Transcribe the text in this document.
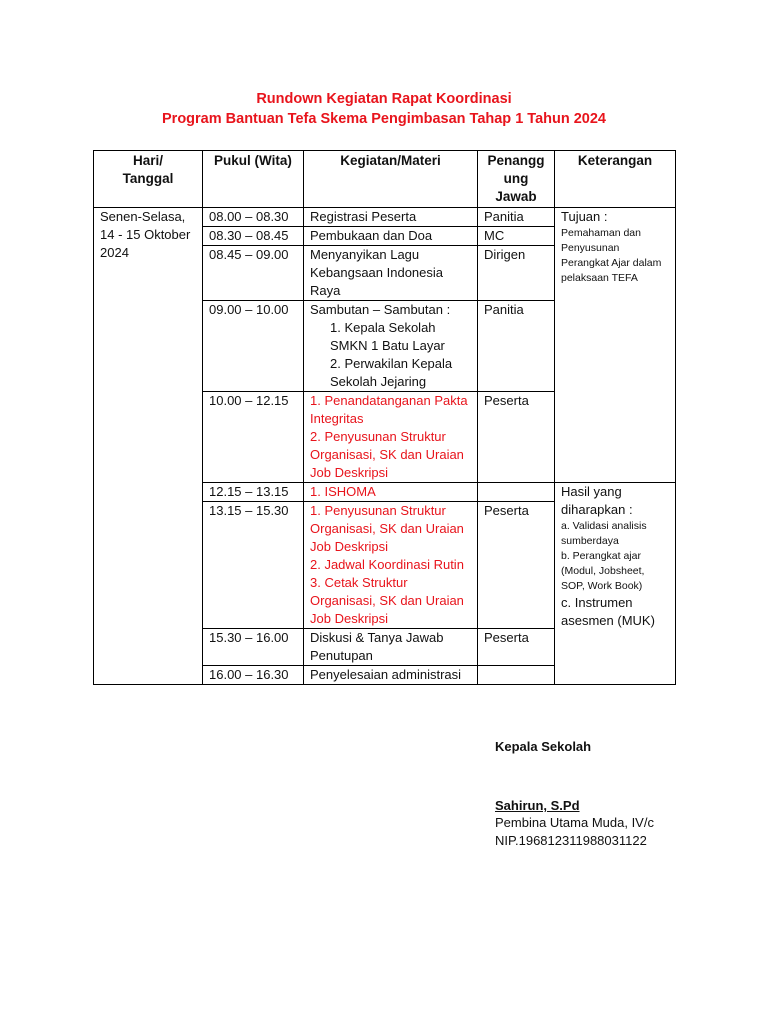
Rundown Kegiatan Rapat Koordinasi
Program Bantuan Tefa Skema Pengimbasan Tahap 1 Tahun 2024
Hari/ Tanggal	Pukul (Wita)	Kegiatan/Materi	Penangg ung Jawab	Keterangan
Senen-Selasa, 14 - 15 Oktober 2024	08.00 – 08.30	Registrasi Peserta	Panitia	Tujuan :
Pemahaman dan Penyusunan Perangkat Ajar dalam pelaksaan TEFA

	08.30 – 08.45	Pembukaan dan Doa	MC	
	08.45 – 09.00	Menyanyikan Lagu Kebangsaan Indonesia Raya	Dirigen	
	09.00 – 10.00	Sambutan – Sambutan :
1. Kepala Sekolah SMKN 1 Batu Layar
2. Perwakilan Kepala Sekolah Jejaring	Panitia	
	10.00 – 12.15	1. Penandatanganan Pakta Integritas
2. Penyusunan Struktur Organisasi, SK dan Uraian Job Deskripsi	Peserta	
	12.15 – 13.15	1. ISHOMA		Hasil yang diharapkan :
a. Validasi analisis sumberdaya
b. Perangkat ajar (Modul, Jobsheet, SOP, Work Book)
c. Instrumen asesmen (MUK)

	13.15 – 15.30	1. Penyusunan Struktur Organisasi, SK dan Uraian Job Deskripsi
2. Jadwal Koordinasi Rutin
3. Cetak Struktur Organisasi, SK dan Uraian Job Deskripsi	Peserta	
	15.30 – 16.00	Diskusi & Tanya Jawab Penutupan	Peserta	
	16.00 – 16.30	Penyelesaian administrasi		
Kepala Sekolah
Sahirun, S.Pd
Pembina Utama Muda, IV/c
NIP.196812311988031122
